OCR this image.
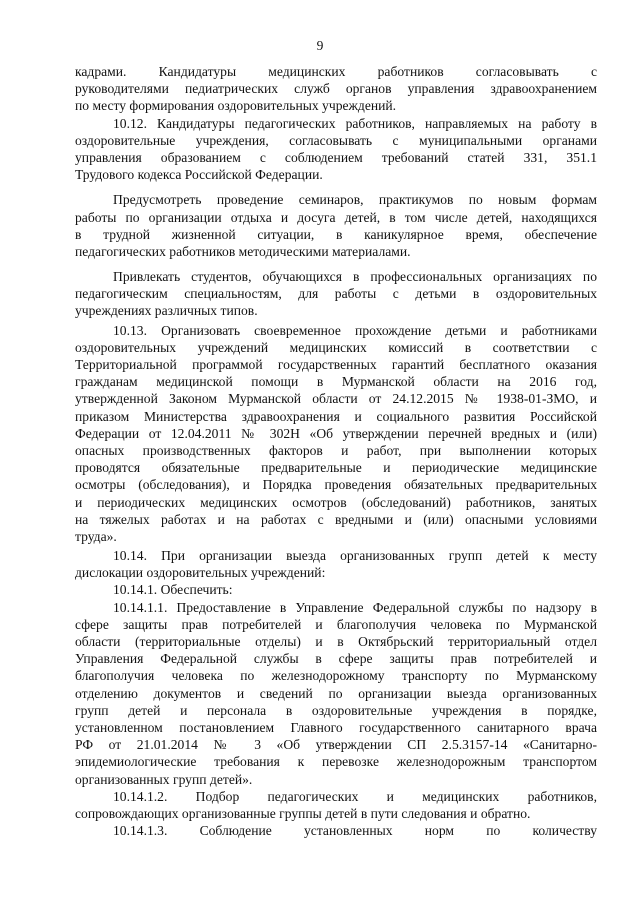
9
кадрами. Кандидатуры медицинских работников согласовывать с
руководителями педиатрических служб органов управления здравоохранением
по месту формирования оздоровительных учреждений.
10.12. Кандидатуры педагогических работников, направляемых на работу в
оздоровительные учреждения, согласовывать с муниципальными органами
управления образованием с соблюдением требований статей 331, 351.1
Трудового кодекса Российской Федерации.
Предусмотреть проведение семинаров, практикумов по новым формам
работы по организации отдыха и досуга детей, в том числе детей, находящихся
в трудной жизненной ситуации, в каникулярное время, обеспечение
педагогических работников методическими материалами.
Привлекать студентов, обучающихся в профессиональных организациях по
педагогическим специальностям, для работы с детьми в оздоровительных
учреждениях различных типов.
10.13. Организовать своевременное прохождение детьми и работниками
оздоровительных учреждений медицинских комиссий в соответствии с
Территориальной программой государственных гарантий бесплатного оказания
гражданам медицинской помощи в Мурманской области на 2016 год,
утвержденной Законом Мурманской области от 24.12.2015 № 1938-01-ЗМО, и
приказом Министерства здравоохранения и социального развития Российской
Федерации от 12.04.2011 № 302Н «Об утверждении перечней вредных и (или)
опасных производственных факторов и работ, при выполнении которых
проводятся обязательные предварительные и периодические медицинские
осмотры (обследования), и Порядка проведения обязательных предварительных
и периодических медицинских осмотров (обследований) работников, занятых
на тяжелых работах и на работах с вредными и (или) опасными условиями
труда».
10.14. При организации выезда организованных групп детей к месту
дислокации оздоровительных учреждений:
10.14.1. Обеспечить:
10.14.1.1. Предоставление в Управление Федеральной службы по надзору в
сфере защиты прав потребителей и благополучия человека по Мурманской
области (территориальные отделы) и в Октябрьский территориальный отдел
Управления Федеральной службы в сфере защиты прав потребителей и
благополучия человека по железнодорожному транспорту по Мурманскому
отделению документов и сведений по организации выезда организованных
групп детей и персонала в оздоровительные учреждения в порядке,
установленном постановлением Главного государственного санитарного врача
РФ от 21.01.2014 № 3 «Об утверждении СП 2.5.3157-14 «Санитарно-
эпидемиологические требования к перевозке железнодорожным транспортом
организованных групп детей».
10.14.1.2. Подбор педагогических и медицинских работников,
сопровождающих организованные группы детей в пути следования и обратно.
10.14.1.3. Соблюдение установленных норм по количеству
